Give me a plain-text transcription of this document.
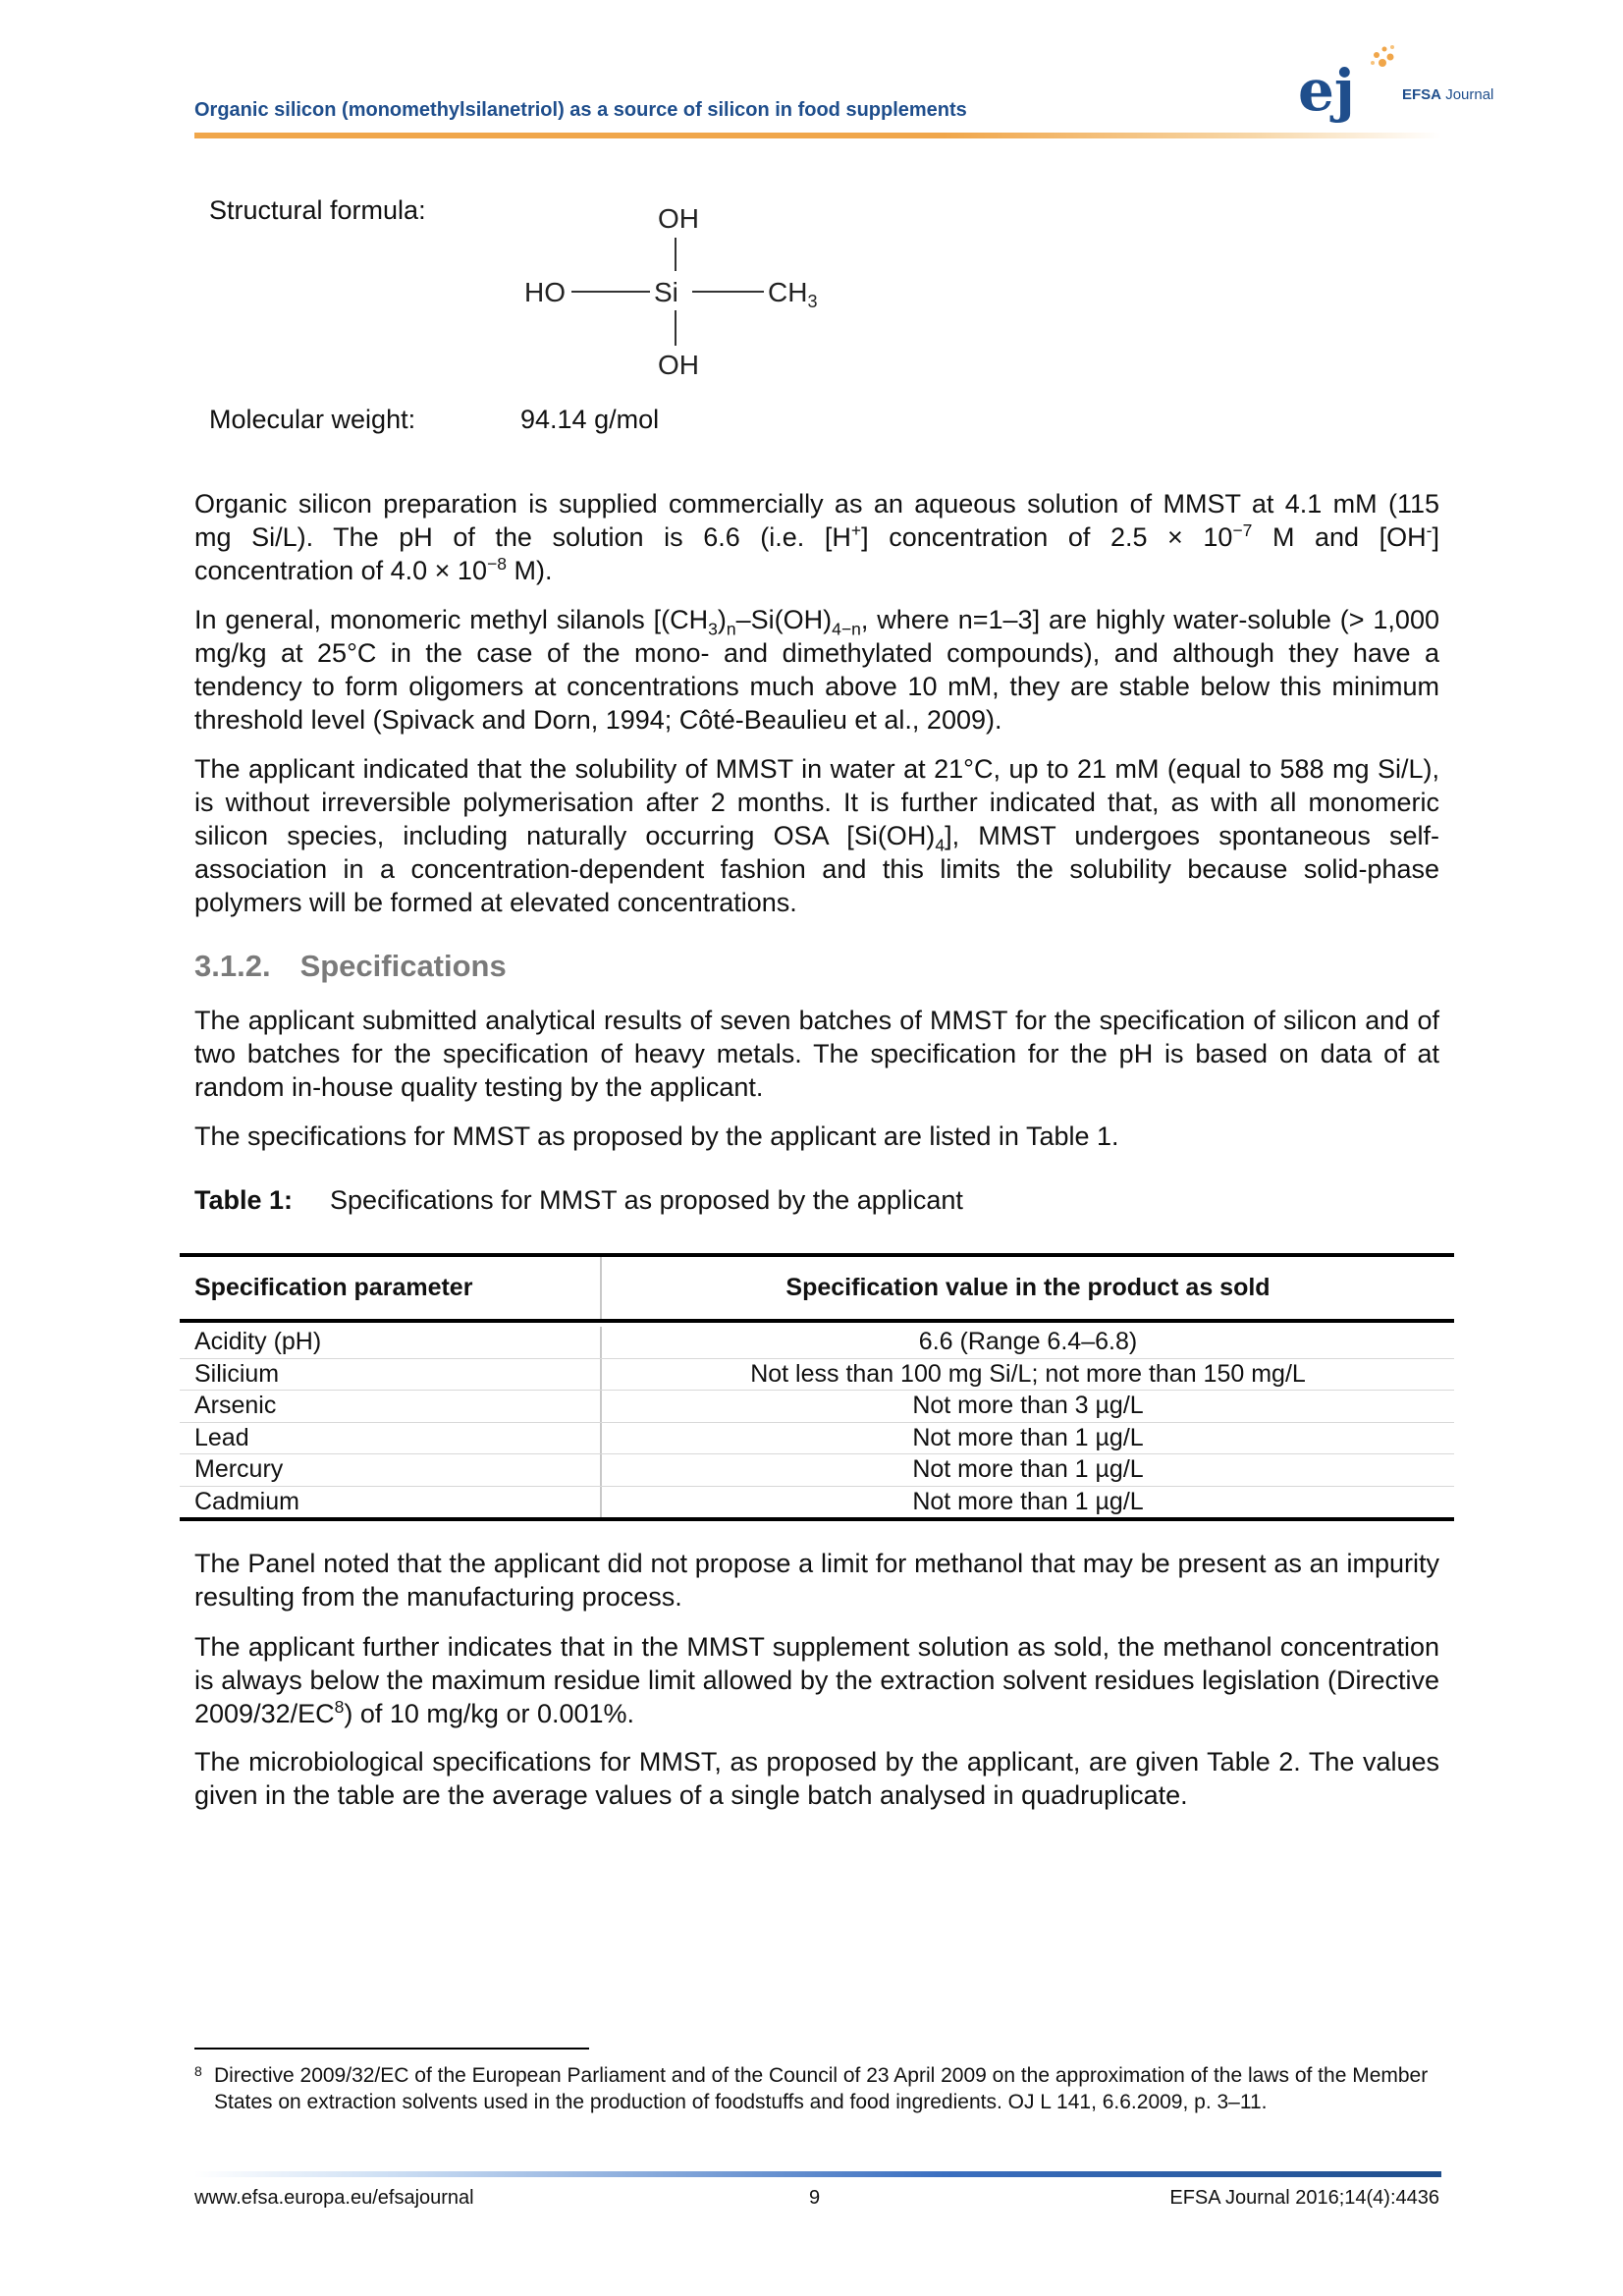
Organic silicon (monomethylsilanetriol) as a source of silicon in food supplements	ej	EFSA Journal
Structural formula:	OH
HO	Si	$CH_3$
OH
Molecular weight:	94.14 g/mol

Organic silicon preparation is supplied commercially as an aqueous solution of MMST at 4.1 mM (115

mg Si/L). The pH of the solution is 6.6 (i.e. [H+] concentration of $2.5 \times 10^{-7}$ M and [OH-]

concentration of $4.0 \times 10^{-8}$ M).

In general, monomeric methyl silanols [$(CH_3)_n-Si(OH)_{4-n}$, where n=1–3] are highly water-soluble (> 1,000 mg/kg at 25°C in the case of the mono- and dimethylated compounds), and although they have a tendency to form oligomers at concentrations much above 10 mM, they are stable below this minimum threshold level (Spivack and Dorn, 1994; Côté-Beaulieu et al., 2009).

The applicant indicated that the solubility of MMST in water at 21°C, up to 21 mM (equal to 588 mg Si/L), is without irreversible polymerisation after 2 months. It is further indicated that, as with all monomeric silicon species, including naturally occurring OSA $[Si(OH)_4]$, MMST undergoes spontaneous self-association in a concentration-dependent fashion and this limits the solubility because solid-phase polymers will be formed at elevated concentrations.

3.1.2. Specifications

The applicant submitted analytical results of seven batches of MMST for the specification of silicon and of two batches for the specification of heavy metals. The specification for the pH is based on data of at random in-house quality testing by the applicant.

The specifications for MMST as proposed by the applicant are listed in Table 1.

Table 1: Specifications for MMST as proposed by the applicant
Specification parameter	Specification value in the product as sold
Acidity (pH)	6.6 (Range 6.4–6.8)
Silicium	Not less than 100 mg Si/L; not more than 150 mg/L
Arsenic	Not more than 3 µg/L
Lead	Not more than 1 µg/L
Mercury	Not more than 1 µg/L
Cadmium	Not more than 1 µg/L

The Panel noted that the applicant did not propose a limit for methanol that may be present as an impurity resulting from the manufacturing process.

The applicant further indicates that in the MMST supplement solution as sold, the methanol concentration is always below the maximum residue limit allowed by the extraction solvent residues legislation (Directive $2009/32/EC^8$) of 10 mg/kg or 0.001%.

The microbiological specifications for MMST, as proposed by the applicant, are given Table 2. The values given in the table are the average values of a single batch analysed in quadruplicate.

8 Directive 2009/32/EC of the European Parliament and of the Council of 23 April 2009 on the approximation of the laws of the Member States on extraction solvents used in the production of foodstuffs and food ingredients. OJ L 141, 6.6.2009, p. 3–11.
www.efsa.europa.eu/efsajournal	9	EFSA Journal 2016;14(4):4436
